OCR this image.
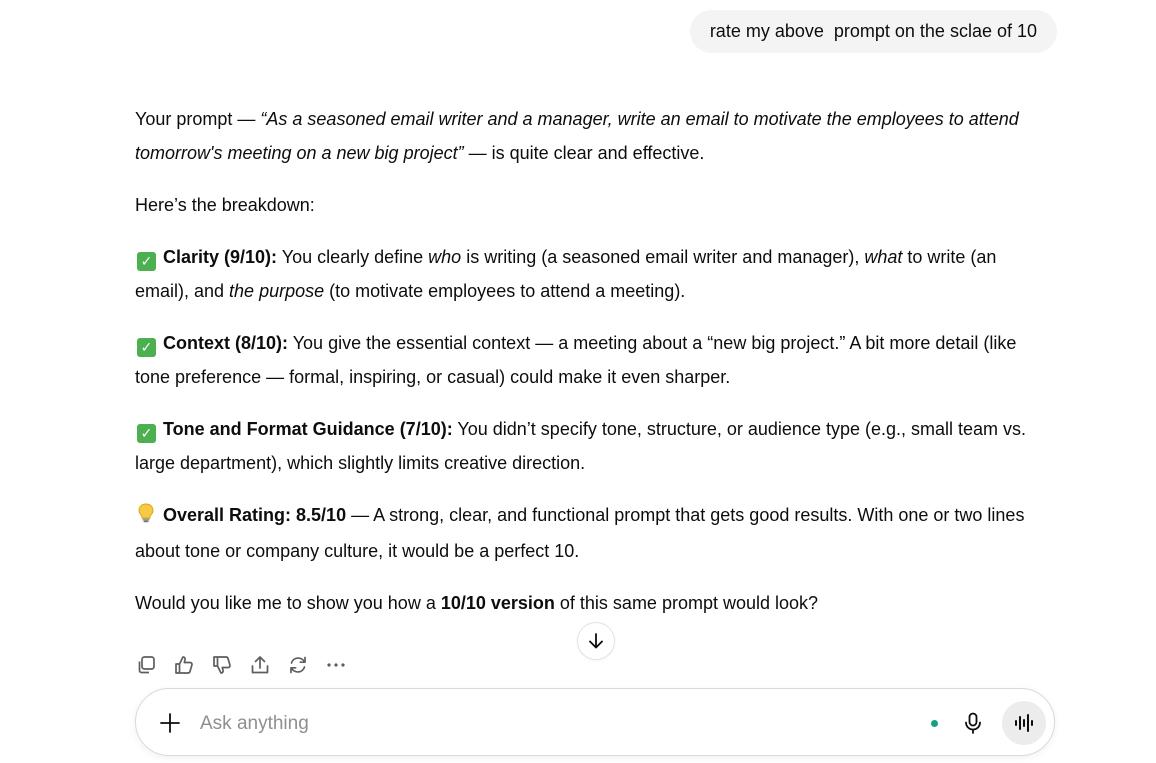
rate my above  prompt on the sclae of 10

Your prompt — “As a seasoned email writer and a manager, write an email to motivate the employees to attend tomorrow's meeting on a new big project” — is quite clear and effective.

Here’s the breakdown:

✓ Clarity (9/10): You clearly define who is writing (a seasoned email writer and manager), what to write (an email), and the purpose (to motivate employees to attend a meeting).

✓ Context (8/10): You give the essential context — a meeting about a “new big project.” A bit more detail (like tone preference — formal, inspiring, or casual) could make it even sharper.

✓ Tone and Format Guidance (7/10): You didn’t specify tone, structure, or audience type (e.g., small team vs. large department), which slightly limits creative direction.

Overall Rating: 8.5/10 — A strong, clear, and functional prompt that gets good results. With one or two lines about tone or company culture, it would be a perfect 10.

Would you like me to show you how a 10/10 version of this same prompt would look?

Ask anything
